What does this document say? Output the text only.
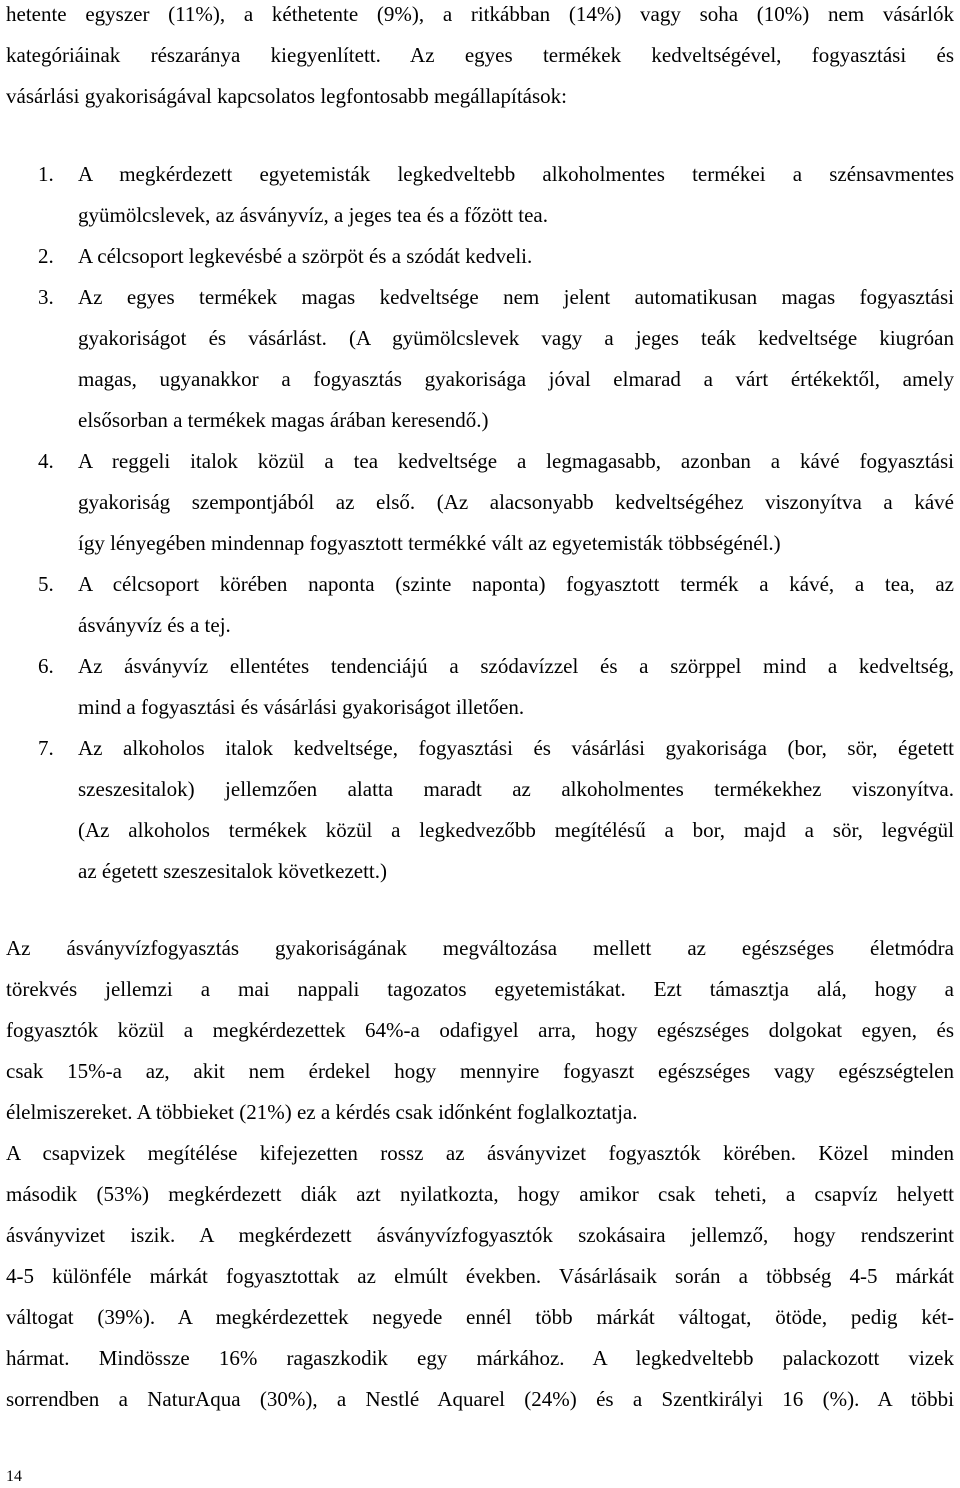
hetente egyszer (11%), a kéthetente (9%), a ritkábban (14%) vagy soha (10%) nem vásárlók
kategóriáinak részaránya kiegyenlített. Az egyes termékek kedveltségével, fogyasztási és
vásárlási gyakoriságával kapcsolatos legfontosabb megállapítások:
1. A megkérdezett egyetemisták legkedveltebb alkoholmentes termékei a szénsavmentes
gyümölcslevek, az ásványvíz, a jeges tea és a főzött tea.
2. A célcsoport legkevésbé a szörpöt és a szódát kedveli.
3. Az egyes termékek magas kedveltsége nem jelent automatikusan magas fogyasztási
gyakoriságot és vásárlást. (A gyümölcslevek vagy a jeges teák kedveltsége kiugróan
magas, ugyanakkor a fogyasztás gyakorisága jóval elmarad a várt értékektől, amely
elsősorban a termékek magas árában keresendő.)
4. A reggeli italok közül a tea kedveltsége a legmagasabb, azonban a kávé fogyasztási
gyakoriság szempontjából az első. (Az alacsonyabb kedveltségéhez viszonyítva a kávé
így lényegében mindennap fogyasztott termékké vált az egyetemisták többségénél.)
5. A célcsoport körében naponta (szinte naponta) fogyasztott termék a kávé, a tea, az
ásványvíz és a tej.
6. Az ásványvíz ellentétes tendenciájú a szódavízzel és a szörppel mind a kedveltség,
mind a fogyasztási és vásárlási gyakoriságot illetően.
7. Az alkoholos italok kedveltsége, fogyasztási és vásárlási gyakorisága (bor, sör, égetett
szeszesitalok) jellemzően alatta maradt az alkoholmentes termékekhez viszonyítva.
(Az alkoholos termékek közül a legkedvezőbb megítélésű a bor, majd a sör, legvégül
az égetett szeszesitalok következett.)
Az ásványvízfogyasztás gyakoriságának megváltozása mellett az egészséges életmódra
törekvés jellemzi a mai nappali tagozatos egyetemistákat. Ezt támasztja alá, hogy a
fogyasztók közül a megkérdezettek 64%-a odafigyel arra, hogy egészséges dolgokat egyen, és
csak 15%-a az, akit nem érdekel hogy mennyire fogyaszt egészséges vagy egészségtelen
élelmiszereket. A többieket (21%) ez a kérdés csak időnként foglalkoztatja.
A csapvizek megítélése kifejezetten rossz az ásványvizet fogyasztók körében. Közel minden
második (53%) megkérdezett diák azt nyilatkozta, hogy amikor csak teheti, a csapvíz helyett
ásványvizet iszik. A megkérdezett ásványvízfogyasztók szokásaira jellemző, hogy rendszerint
4-5 különféle márkát fogyasztottak az elmúlt években. Vásárlásaik során a többség 4-5 márkát
váltogat (39%). A megkérdezettek negyede ennél több márkát váltogat, ötöde, pedig két-
hármat. Mindössze 16% ragaszkodik egy márkához. A legkedveltebb palackozott vizek
sorrendben a NaturAqua (30%), a Nestlé Aquarel (24%) és a Szentkirályi 16 (%). A többi
14
